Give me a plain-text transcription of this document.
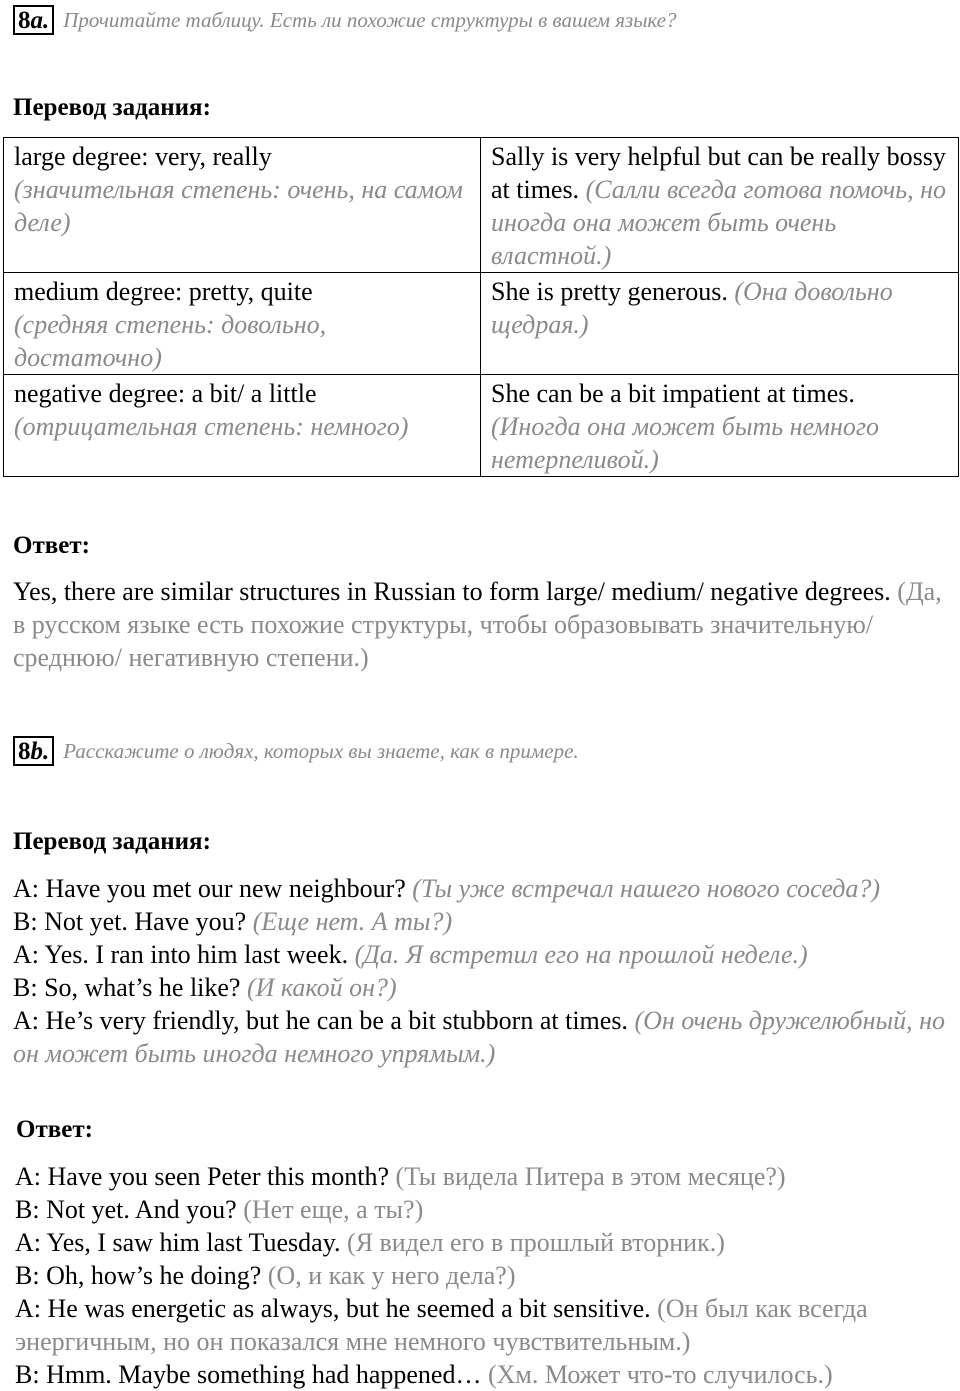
8a. Прочитайте таблицу. Есть ли похожие структуры в вашем языке?
Перевод задания:
large degree: very, really
(значительная степень: очень, на самом деле)	Sally is very helpful but can be really bossy at times. (Салли всегда готова помочь, но иногда она может быть очень властной.)
medium degree: pretty, quite
(средняя степень: довольно, достаточно)	She is pretty generous. (Она довольно щедрая.)
negative degree: a bit/ a little
(отрицательная степень: немного)	She can be a bit impatient at times.
(Иногда она может быть немного нетерпеливой.)
Ответ:
Yes, there are similar structures in Russian to form large/ medium/ negative degrees. (Да, в русском языке есть похожие структуры, чтобы образовывать значительную/среднюю/ негативную степени.)
8b. Расскажите о людях, которых вы знаете, как в примере.
Перевод задания:
A: Have you met our new neighbour? (Ты уже встречал нашего нового соседа?)
B: Not yet. Have you? (Еще нет. А ты?)
A: Yes. I ran into him last week. (Да. Я встретил его на прошлой неделе.)
B: So, what’s he like? (И какой он?)
A: He’s very friendly, but he can be a bit stubborn at times. (Он очень дружелюбный, но он может быть иногда немного упрямым.)
Ответ:
A: Have you seen Peter this month? (Ты видела Питера в этом месяце?)
B: Not yet. And you? (Нет еще, а ты?)
A: Yes, I saw him last Tuesday. (Я видел его в прошлый вторник.)
B: Oh, how’s he doing? (О, и как у него дела?)
A: He was energetic as always, but he seemed a bit sensitive. (Он был как всегда энергичным, но он показался мне немного чувствительным.)
B: Hmm. Maybe something had happened… (Хм. Может что-то случилось.)
